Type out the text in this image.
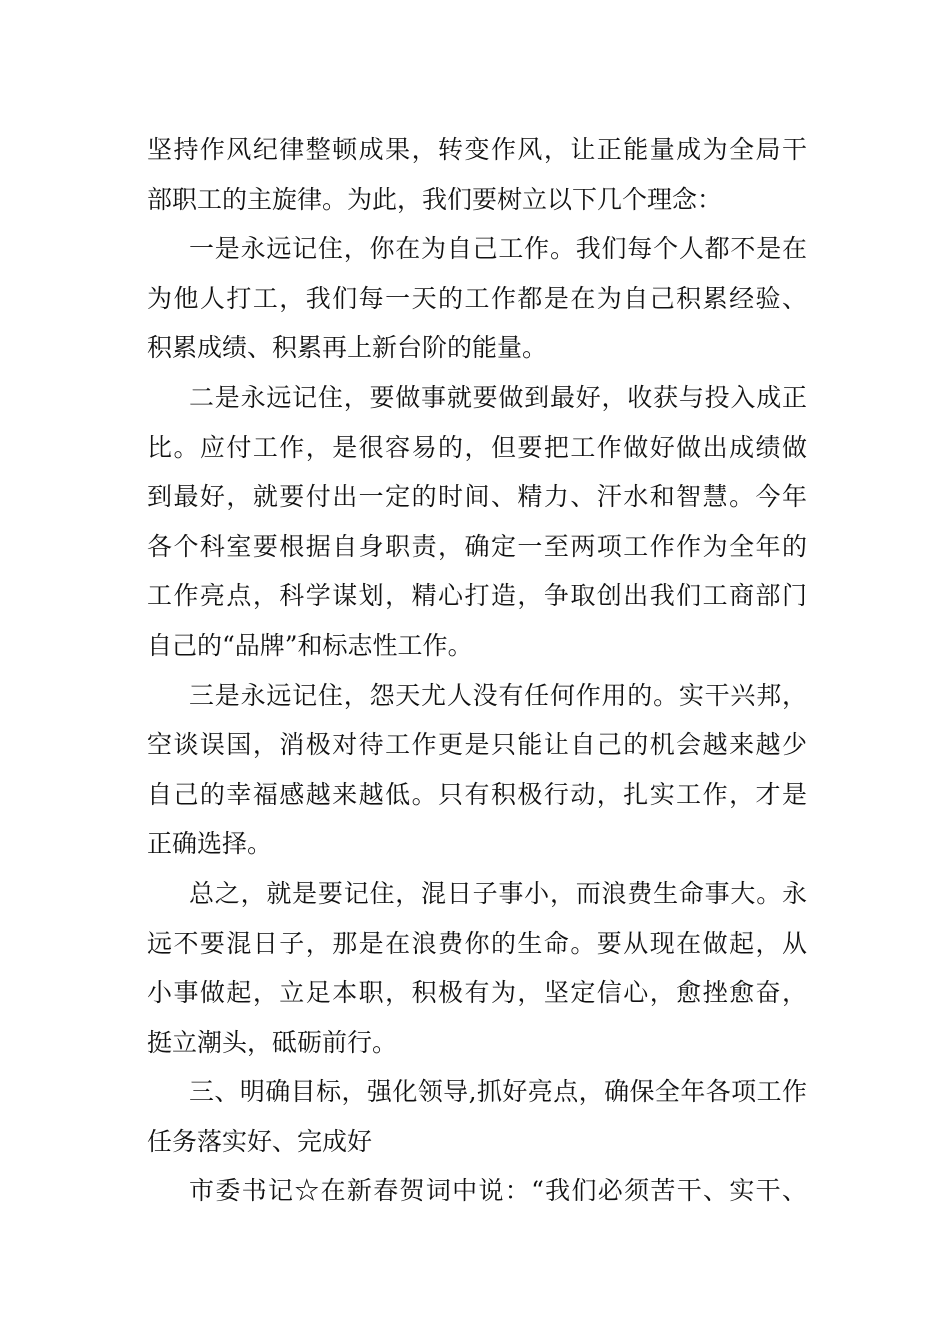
坚持作风纪律整顿成果，转变作风，让正能量成为全局干
部职工的主旋律。为此，我们要树立以下几个理念：
一是永远记住，你在为自己工作。我们每个人都不是在
为他人打工，我们每一天的工作都是在为自己积累经验、
积累成绩、积累再上新台阶的能量。
二是永远记住，要做事就要做到最好，收获与投入成正
比。应付工作，是很容易的，但要把工作做好做出成绩做
到最好，就要付出一定的时间、精力、汗水和智慧。今年
各个科室要根据自身职责，确定一至两项工作作为全年的
工作亮点，科学谋划，精心打造，争取创出我们工商部门
自己的“品牌”和标志性工作。
三是永远记住，怨天尤人没有任何作用的。实干兴邦，
空谈误国，消极对待工作更是只能让自己的机会越来越少
自己的幸福感越来越低。只有积极行动，扎实工作，才是
正确选择。
总之，就是要记住，混日子事小，而浪费生命事大。永
远不要混日子，那是在浪费你的生命。要从现在做起，从
小事做起，立足本职，积极有为，坚定信心，愈挫愈奋，
挺立潮头，砥砺前行。
三、明确目标，强化领导,抓好亮点，确保全年各项工作
任务落实好、完成好
市委书记☆在新春贺词中说：“我们必须苦干、实干、
